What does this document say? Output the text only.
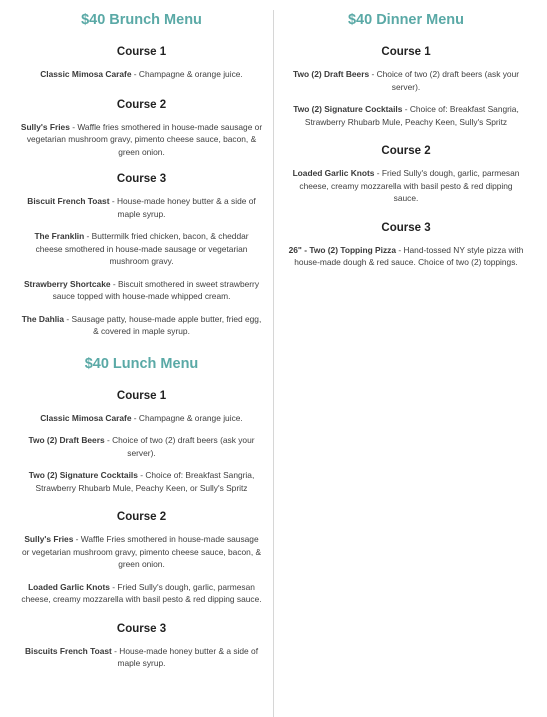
$40 Brunch Menu
Course 1

Classic Mimosa Carafe - Champagne & orange juice.

Course 2

Sully's Fries - Waffle fries smothered in house-made sausage or vegetarian mushroom gravy, pimento cheese sauce, bacon, & green onion.

Course 3

Biscuit French Toast - House-made honey butter & a side of maple syrup.

The Franklin - Buttermilk fried chicken, bacon, & cheddar cheese smothered in house-made sausage or vegetarian mushroom gravy.

Strawberry Shortcake - Biscuit smothered in sweet strawberry sauce topped with house-made whipped cream.

The Dahlia - Sausage patty, house-made apple butter, fried egg, & covered in maple syrup.

$40 Lunch Menu
Course 1

Classic Mimosa Carafe - Champagne & orange juice.

Two (2) Draft Beers - Choice of two (2) draft beers (ask your server).

Two (2) Signature Cocktails - Choice of: Breakfast Sangria, Strawberry Rhubarb Mule, Peachy Keen, or Sully's Spritz

Course 2

Sully's Fries - Waffle Fries smothered in house-made sausage or vegetarian mushroom gravy, pimento cheese sauce, bacon, & green onion.

Loaded Garlic Knots - Fried Sully's dough, garlic, parmesan cheese, creamy mozzarella with basil pesto & red dipping sauce.

Course 3

Biscuits French Toast - House-made honey butter & a side of maple syrup.

$40 Dinner Menu
Course 1

Two (2) Draft Beers - Choice of two (2) draft beers (ask your server).

Two (2) Signature Cocktails - Choice of: Breakfast Sangria, Strawberry Rhubarb Mule, Peachy Keen, Sully's Spritz

Course 2

Loaded Garlic Knots - Fried Sully's dough, garlic, parmesan cheese, creamy mozzarella with basil pesto & red dipping sauce.

Course 3

26" - Two (2) Topping Pizza - Hand-tossed NY style pizza with house-made dough & red sauce. Choice of two (2) toppings.
